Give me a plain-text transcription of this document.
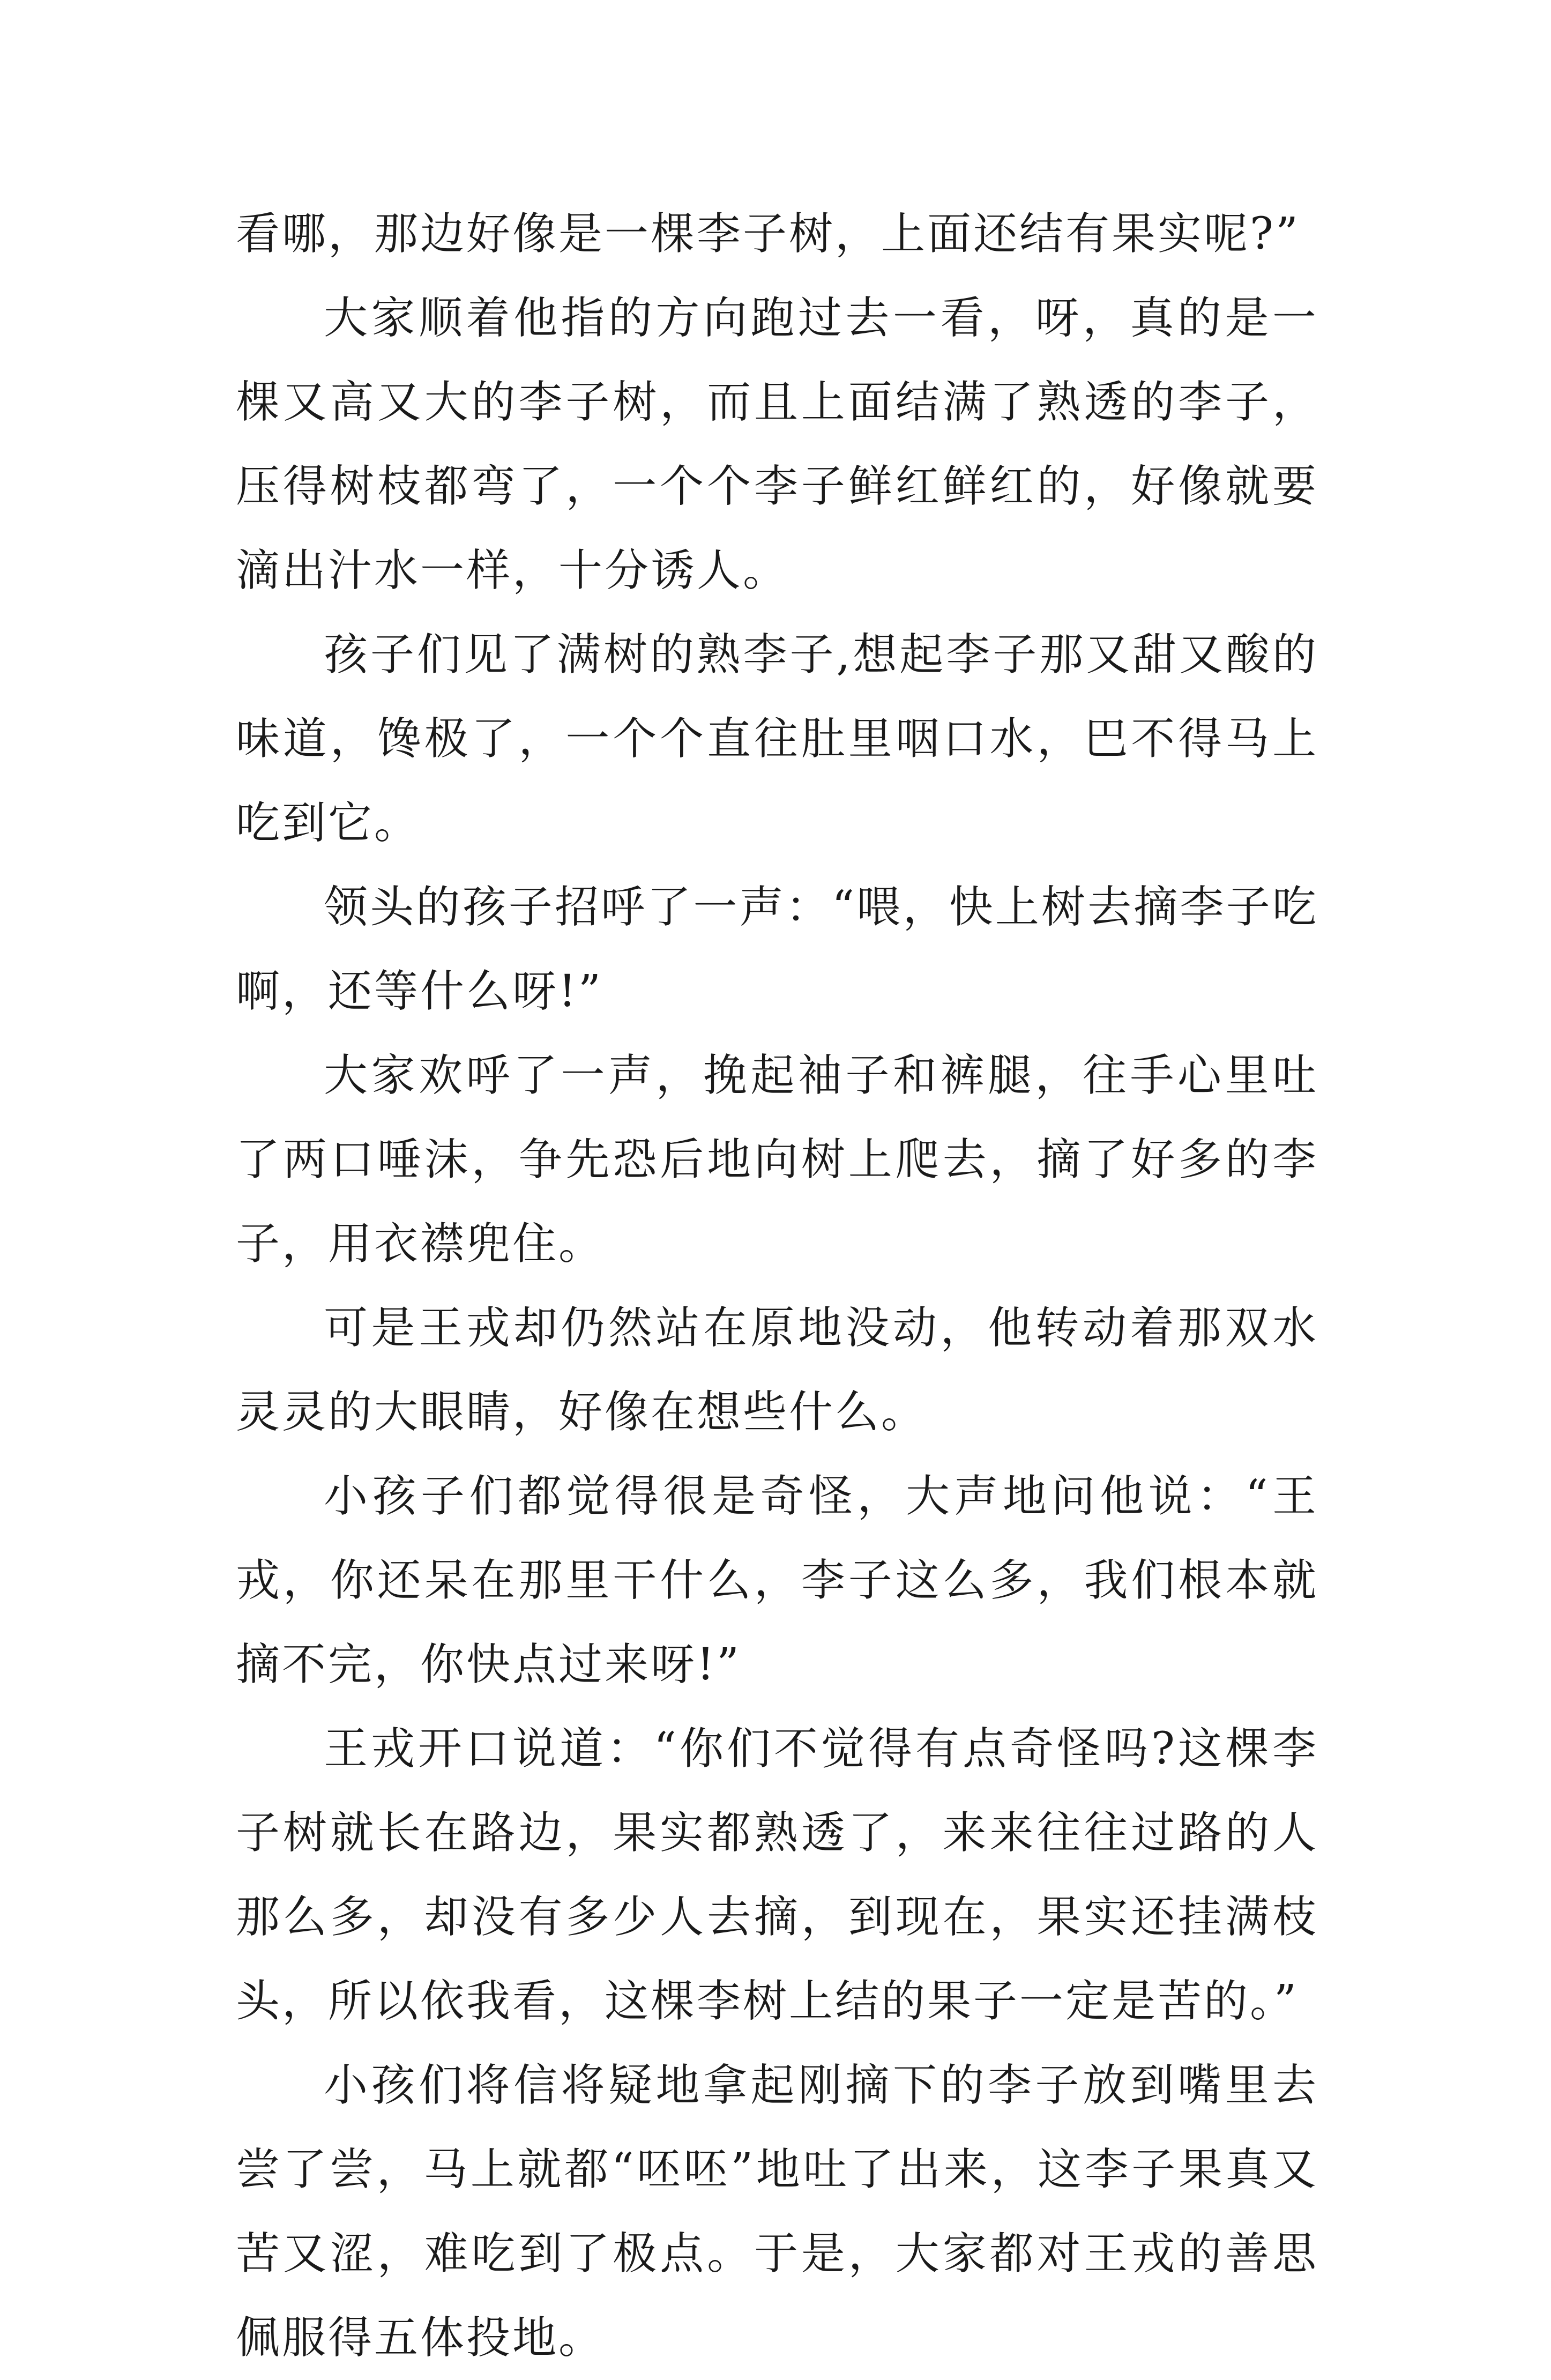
看哪，那边好像是一棵李子树，上面还结有果实呢?”

大家顺着他指的方向跑过去一看，呀，真的是一棵又高又大的李子树，而且上面结满了熟透的李子，压得树枝都弯了，一个个李子鲜红鲜红的，好像就要滴出汁水一样，十分诱人。

孩子们见了满树的熟李子,想起李子那又甜又酸的味道，馋极了，一个个直往肚里咽口水，巴不得马上吃到它。

领头的孩子招呼了一声：“喂，快上树去摘李子吃啊，还等什么呀!”

大家欢呼了一声，挽起袖子和裤腿，往手心里吐了两口唾沫，争先恐后地向树上爬去，摘了好多的李子，用衣襟兜住。

可是王戎却仍然站在原地没动，他转动着那双水灵灵的大眼睛，好像在想些什么。

小孩子们都觉得很是奇怪，大声地问他说：“王戎，你还呆在那里干什么，李子这么多，我们根本就摘不完，你快点过来呀!”

王戎开口说道：“你们不觉得有点奇怪吗?这棵李子树就长在路边，果实都熟透了，来来往往过路的人那么多，却没有多少人去摘，到现在，果实还挂满枝头，所以依我看，这棵李树上结的果子一定是苦的。”

小孩们将信将疑地拿起刚摘下的李子放到嘴里去尝了尝，马上就都“呸呸”地吐了出来，这李子果真又苦又涩，难吃到了极点。于是，大家都对王戎的善思佩服得五体投地。
